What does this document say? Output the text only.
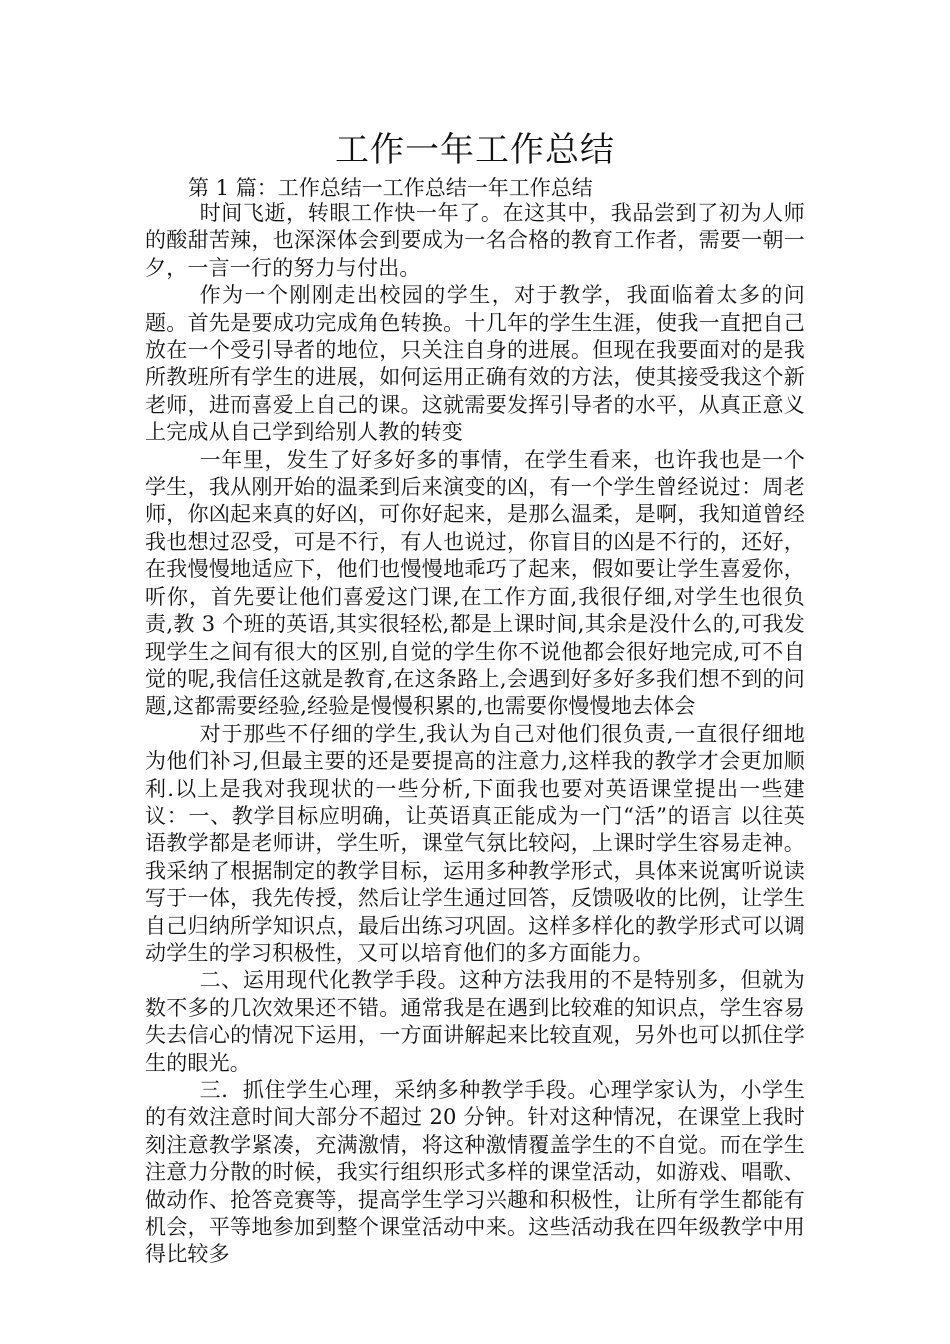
工作一年工作总结

第 1 篇：工作总结一工作总结一年工作总结

时间飞逝，转眼工作快一年了。在这其中，我品尝到了初为人师的酸甜苦辣，也深深体会到要成为一名合格的教育工作者，需要一朝一夕，一言一行的努力与付出。

作为一个刚刚走出校园的学生，对于教学，我面临着太多的问题。首先是要成功完成角色转换。十几年的学生生涯，使我一直把自己放在一个受引导者的地位，只关注自身的进展。但现在我要面对的是我所教班所有学生的进展，如何运用正确有效的方法，使其接受我这个新老师，进而喜爱上自己的课。这就需要发挥引导者的水平，从真正意义上完成从自己学到给别人教的转变

一年里，发生了好多好多的事情，在学生看来，也许我也是一个学生，我从刚开始的温柔到后来演变的凶，有一个学生曾经说过：周老师，你凶起来真的好凶，可你好起来，是那么温柔，是啊，我知道曾经我也想过忍受，可是不行，有人也说过，你盲目的凶是不行的，还好，在我慢慢地适应下，他们也慢慢地乖巧了起来，假如要让学生喜爱你，听你，首先要让他们喜爱这门课,在工作方面,我很仔细,对学生也很负责,教 3 个班的英语,其实很轻松,都是上课时间,其余是没什么的,可我发现学生之间有很大的区别,自觉的学生你不说他都会很好地完成,可不自觉的呢,我信任这就是教育,在这条路上,会遇到好多好多我们想不到的问题,这都需要经验,经验是慢慢积累的,也需要你慢慢地去体会

对于那些不仔细的学生,我认为自己对他们很负责,一直很仔细地为他们补习,但最主要的还是要提高的注意力,这样我的教学才会更加顺利.以上是我对我现状的一些分析,下面我也要对英语课堂提出一些建议：一、教学目标应明确，让英语真正能成为一门“活”的语言 以往英语教学都是老师讲，学生听，课堂气氛比较闷，上课时学生容易走神。我采纳了根据制定的教学目标，运用多种教学形式，具体来说寓听说读写于一体，我先传授，然后让学生通过回答，反馈吸收的比例，让学生自己归纳所学知识点，最后出练习巩固。这样多样化的教学形式可以调动学生的学习积极性，又可以培育他们的多方面能力。

二、运用现代化教学手段。这种方法我用的不是特别多，但就为数不多的几次效果还不错。通常我是在遇到比较难的知识点，学生容易失去信心的情况下运用，一方面讲解起来比较直观，另外也可以抓住学生的眼光。

三．抓住学生心理，采纳多种教学手段。心理学家认为，小学生的有效注意时间大部分不超过 20 分钟。针对这种情况，在课堂上我时刻注意教学紧凑，充满激情，将这种激情覆盖学生的不自觉。而在学生注意力分散的时候，我实行组织形式多样的课堂活动，如游戏、唱歌、做动作、抢答竞赛等，提高学生学习兴趣和积极性，让所有学生都能有机会，平等地参加到整个课堂活动中来。这些活动我在四年级教学中用得比较多
